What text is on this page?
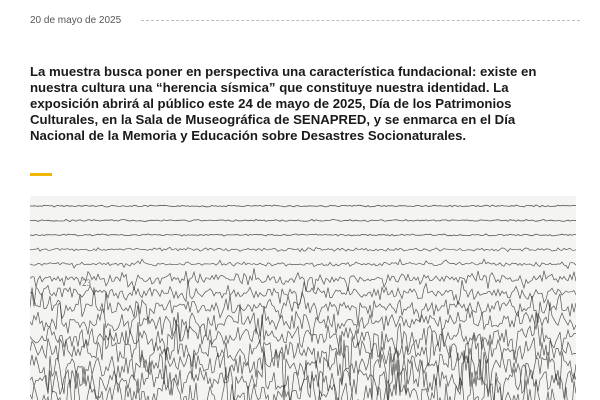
20 de mayo de 2025

La muestra busca poner en perspectiva una característica fundacional: existe en nuestra cultura una “herencia sísmica” que constituye nuestra identidad. La exposición abrirá al público este 24 de mayo de 2025, Día de los Patrimonios Culturales, en la Sala de Museográfica de SENAPRED, y se enmarca en el Día Nacional de la Memoria y Educación sobre Desastres Socionaturales.

23
